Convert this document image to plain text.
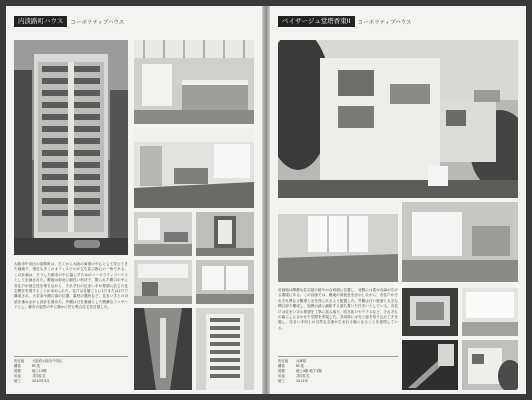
内淡路町ハウス	コーポラティブハウス
大阪市中央区の淡路町は、古くから大阪の商業の中心として栄えてきた地域で、現在も多くのオフィスビルが立ち並ぶ都心の一角である。この計画は、そうした都市の中に暮らすためのコーポラティブハウスとして企画された。敷地は南北に細長い形状で、限られた間口の中に各住戸が独立性を保ちながら、それぞれの住まい手の要望に応じた住空間を実現することが求められた。住戸は各層ごとに1戸または2戸で構成され、天井高や開口部の位置、素材の選択など、住まい手との対話を重ねながら設計を進めた。外観は白を基調とした簡潔なファサードとし、都市の風景の中に静かに佇む集合住宅を目指した。
所在地	大阪府大阪市中央区
構造	RC造
規模	地上13階
用途	共同住宅
竣工	2010年3月
ベイサージュ堂塔香東II	コーポラティブハウス
計画地は閑静な住宅地の緩やかな斜面に位置し、北側には豊かな緑が広がる環境にある。この計画では、敷地の高低差を活かしながら、各住戸がそれぞれ異なる眺望と光を得られるよう配置した。外観は白い壁面と大きな開口部で構成し、周囲の緑と調和する落ち着いた佇まいとしている。各住戸は住まい手の要望を丁寧に汲み取り、吹き抜けやテラスなど、それぞれの暮らしに合わせた空間を実現した。共用部には光と風を取り込む工夫を施し、住まい手同士の自然な交流が生まれる場となることを意図している。
所在地	兵庫県
構造	RC造
規模	地上4階 地下1階
用途	共同住宅
竣工	2011年
